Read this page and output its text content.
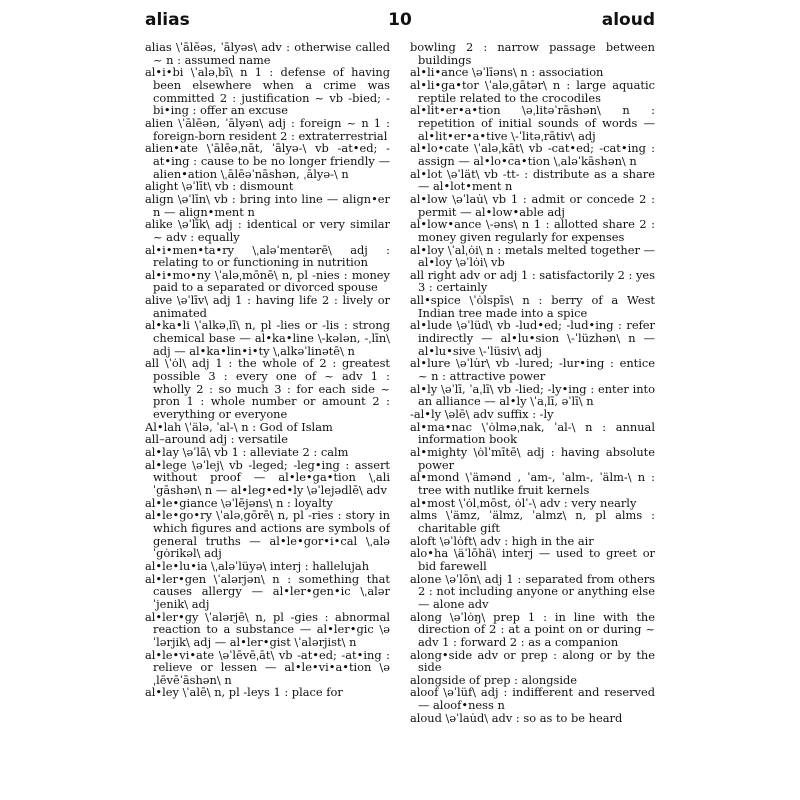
alias	10	aloud

alias \ˈālēəs, ˈālyəs\ adv : otherwise called ~ n : assumed name

al•i•bi \ˈaləˌbī\ n 1 : defense of having been elsewhere when a crime was committed 2 : justification ~ vb -bied; -bi•ing : offer an excuse

alien \ˈālēən, ˈālyən\ adj : foreign ~ n 1 : foreign-born resident 2 : extraterrestrial

alien•ate \ˈālēəˌnāt, ˈālyə-\ vb -at•ed; -at•ing : cause to be no longer friendly — alien•ation \ˌālēəˈnāshən, ˌālyə-\ n

alight \əˈlīt\ vb : dismount

align \əˈlīn\ vb : bring into line — align•er n — align•ment n

alike \əˈlīk\ adj : identical or very similar ~ adv : equally

al•i•men•ta•ry \ˌaləˈmentərē\ adj : relating to or functioning in nutrition

al•i•mo•ny \ˈaləˌmōnē\ n, pl -nies : money paid to a separated or divorced spouse

alive \əˈlīv\ adj 1 : having life 2 : lively or animated

al•ka•li \ˈalkəˌlī\ n, pl -lies or -lis : strong chemical base — al•ka•line \-kələn, -ˌlīn\ adj — al•ka•lin•i•ty \ˌalkəˈlinətē\ n

all \ˈȯl\ adj 1 : the whole of 2 : greatest possible 3 : every one of ~ adv 1 : wholly 2 : so much 3 : for each side ~ pron 1 : whole number or amount 2 : everything or everyone

Al•lah \ˈälə, ˈal-\ n : God of Islam

all–around adj : versatile

al•lay \əˈlā\ vb 1 : alleviate 2 : calm

al•lege \əˈlej\ vb -leged; -leg•ing : assert without proof — al•le•ga•tion \ˌaliˈgāshən\ n — al•leg•ed•ly \əˈlejədlē\ adv

al•le•giance \əˈlējəns\ n : loyalty

al•le•go•ry \ˈaləˌgōrē\ n, pl -ries : story in which figures and actions are symbols of general truths — al•le•gor•i•cal \ˌaləˈgȯrikəl\ adj

al•le•lu•ia \ˌaləˈlüyə\ interj : hallelujah

al•ler•gen \ˈalərjən\ n : something that causes allergy — al•ler•gen•ic \ˌalərˈjenik\ adj

al•ler•gy \ˈalərjē\ n, pl -gies : abnormal reaction to a substance — al•ler•gic \əˈlərjik\ adj — al•ler•gist \ˈalərjist\ n

al•le•vi•ate \əˈlēvēˌāt\ vb -at•ed; -at•ing : relieve or lessen — al•le•vi•a•tion \əˌlēvēˈāshən\ n

al•ley \ˈalē\ n, pl -leys 1 : place for

bowling 2 : narrow passage between buildings

al•li•ance \əˈlīəns\ n : association

al•li•ga•tor \ˈaləˌgātər\ n : large aquatic reptile related to the crocodiles

al•lit•er•a•tion \əˌlitəˈrāshən\ n : repetition of initial sounds of words — al•lit•er•a•tive \-ˈlitəˌrātiv\ adj

al•lo•cate \ˈaləˌkāt\ vb -cat•ed; -cat•ing : assign — al•lo•ca•tion \ˌaləˈkāshən\ n

al•lot \əˈlät\ vb -tt- : distribute as a share — al•lot•ment n

al•low \əˈlau̇\ vb 1 : admit or concede 2 : permit — al•low•able adj

al•low•ance \-əns\ n 1 : allotted share 2 : money given regularly for expenses

al•loy \ˈalˌȯi\ n : metals melted together — al•loy \əˈlȯi\ vb

all right adv or adj 1 : satisfactorily 2 : yes 3 : certainly

all•spice \ˈȯlspīs\ n : berry of a West Indian tree made into a spice

al•lude \əˈlüd\ vb -lud•ed; -lud•ing : refer indirectly — al•lu•sion \-ˈlüzhən\ n — al•lu•sive \-ˈlüsiv\ adj

al•lure \əˈlu̇r\ vb -lured; -lur•ing : entice ~ n : attractive power

al•ly \əˈlī, ˈaˌlī\ vb -lied; -ly•ing : enter into an alliance — al•ly \ˈaˌlī, əˈlī\ n

-al•ly \əlē\ adv suffix : -ly

al•ma•nac \ˈȯlməˌnak, ˈal-\ n : annual information book

al•mighty \ȯlˈmītē\ adj : having absolute power

al•mond \ˈämənd , ˈam-, ˈalm-, ˈälm-\ n : tree with nutlike fruit kernels

al•most \ˈȯlˌmōst, ȯlˈ-\ adv : very nearly

alms \ˈämz, ˈälmz, ˈalmz\ n, pl alms : charitable gift

aloft \əˈlȯft\ adv : high in the air

alo•ha \äˈlōhä\ interj — used to greet or bid farewell

alone \əˈlōn\ adj 1 : separated from others 2 : not including anyone or anything else — alone adv

along \əˈlȯŋ\ prep 1 : in line with the direction of 2 : at a point on or during ~ adv 1 : forward 2 : as a companion

along•side adv or prep : along or by the side

alongside of prep : alongside

aloof \əˈlüf\ adj : indifferent and reserved — aloof•ness n

aloud \əˈlau̇d\ adv : so as to be heard
